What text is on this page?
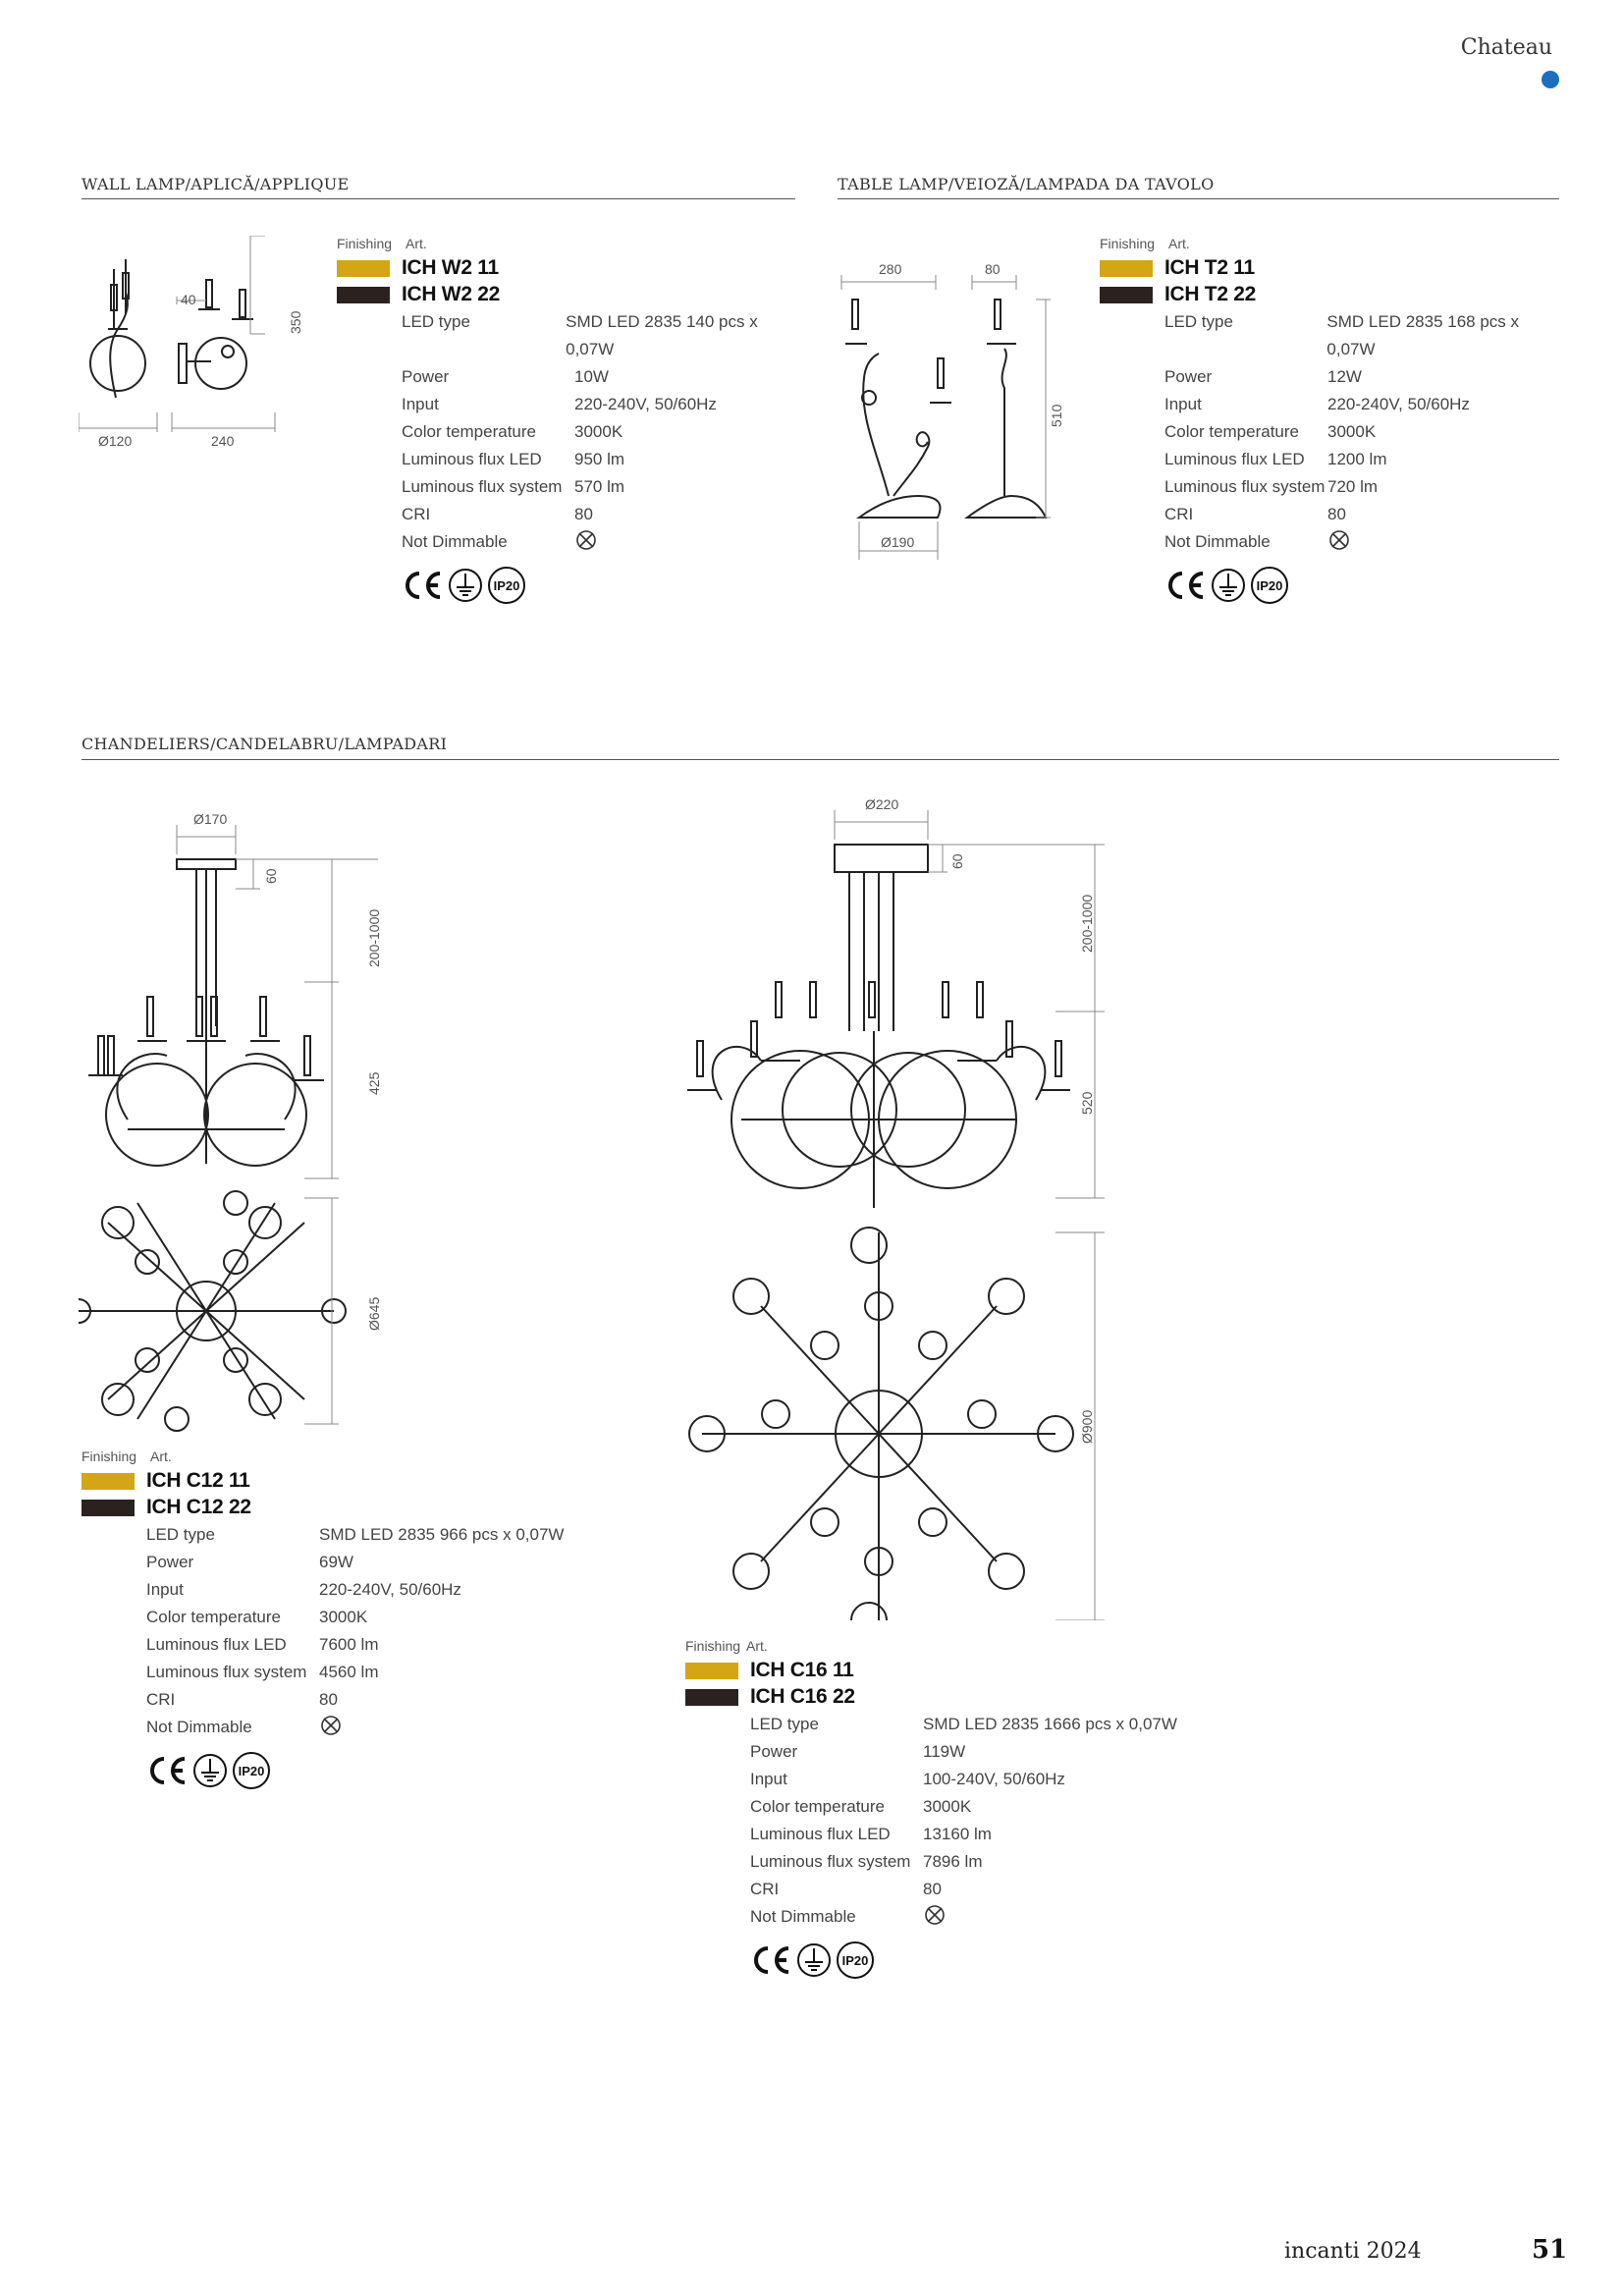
Chateau
WALL LAMP/APLICĂ/APPLIQUE	TABLE LAMP/VEIOZĂ/LAMPADA DA TAVOLO
CHANDELIERS/CANDELABRU/LAMPADARI
Ø120	240
40
350
Finishing Art.
ICH W2 11
ICH W2 22
LED type	SMD LED 2835 140 pcs x 0,07W
Power	10W
Input	220-240V, 50/60Hz
Color temperature	3000K
Luminous flux LED	950 lm
Luminous flux system 570 lm
CRI	80
Not Dimmable
IP20
280	80
510
Ø190
Finishing Art.
ICH T2 11
ICH T2 22
LED type	SMD LED 2835 168 pcs x 0,07W
Power	12W
Input	220-240V, 50/60Hz
Color temperature	3000K
Luminous flux LED	1200 lm
Luminous flux system 720 lm
CRI	80
Not Dimmable
IP20
Ø170
60
200-1000
425
Ø645
Finishing Art.
ICH C12 11
ICH C12 22
LED type	SMD LED 2835 966 pcs x 0,07W
Power	69W
Input	220-240V, 50/60Hz
Color temperature	3000K
Luminous flux LED	7600 lm
Luminous flux system 4560 lm
CRI	80
Not Dimmable
IP20
Ø220
60
200-1000
520
Ø900
Finishing Art.
ICH C16 11
ICH C16 22
LED type	SMD LED 2835 1666 pcs x 0,07W
Power	119W
Input	100-240V, 50/60Hz
Color temperature	3000K
Luminous flux LED	13160 lm
Luminous flux system 7896 lm
CRI	80
Not Dimmable
IP20
incanti 2024	51
